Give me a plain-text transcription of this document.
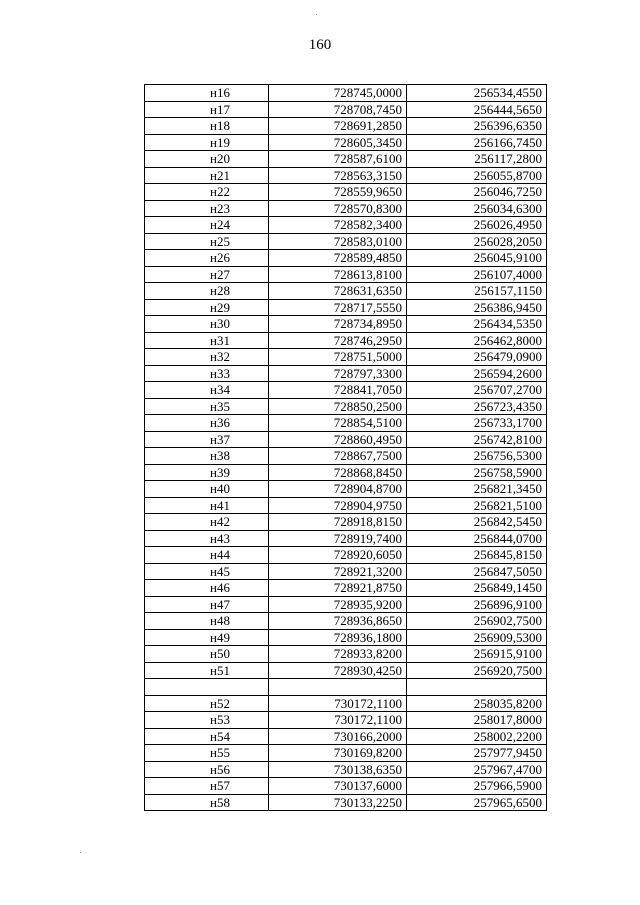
160
н16	728745,0000	256534,4550
н17	728708,7450	256444,5650
н18	728691,2850	256396,6350
н19	728605,3450	256166,7450
н20	728587,6100	256117,2800
н21	728563,3150	256055,8700
н22	728559,9650	256046,7250
н23	728570,8300	256034,6300
н24	728582,3400	256026,4950
н25	728583,0100	256028,2050
н26	728589,4850	256045,9100
н27	728613,8100	256107,4000
н28	728631,6350	256157,1150
н29	728717,5550	256386,9450
н30	728734,8950	256434,5350
н31	728746,2950	256462,8000
н32	728751,5000	256479,0900
н33	728797,3300	256594,2600
н34	728841,7050	256707,2700
н35	728850,2500	256723,4350
н36	728854,5100	256733,1700
н37	728860,4950	256742,8100
н38	728867,7500	256756,5300
н39	728868,8450	256758,5900
н40	728904,8700	256821,3450
н41	728904,9750	256821,5100
н42	728918,8150	256842,5450
н43	728919,7400	256844,0700
н44	728920,6050	256845,8150
н45	728921,3200	256847,5050
н46	728921,8750	256849,1450
н47	728935,9200	256896,9100
н48	728936,8650	256902,7500
н49	728936,1800	256909,5300
н50	728933,8200	256915,9100
н51	728930,4250	256920,7500

н52	730172,1100	258035,8200
н53	730172,1100	258017,8000
н54	730166,2000	258002,2200
н55	730169,8200	257977,9450
н56	730138,6350	257967,4700
н57	730137,6000	257966,5900
н58	730133,2250	257965,6500
